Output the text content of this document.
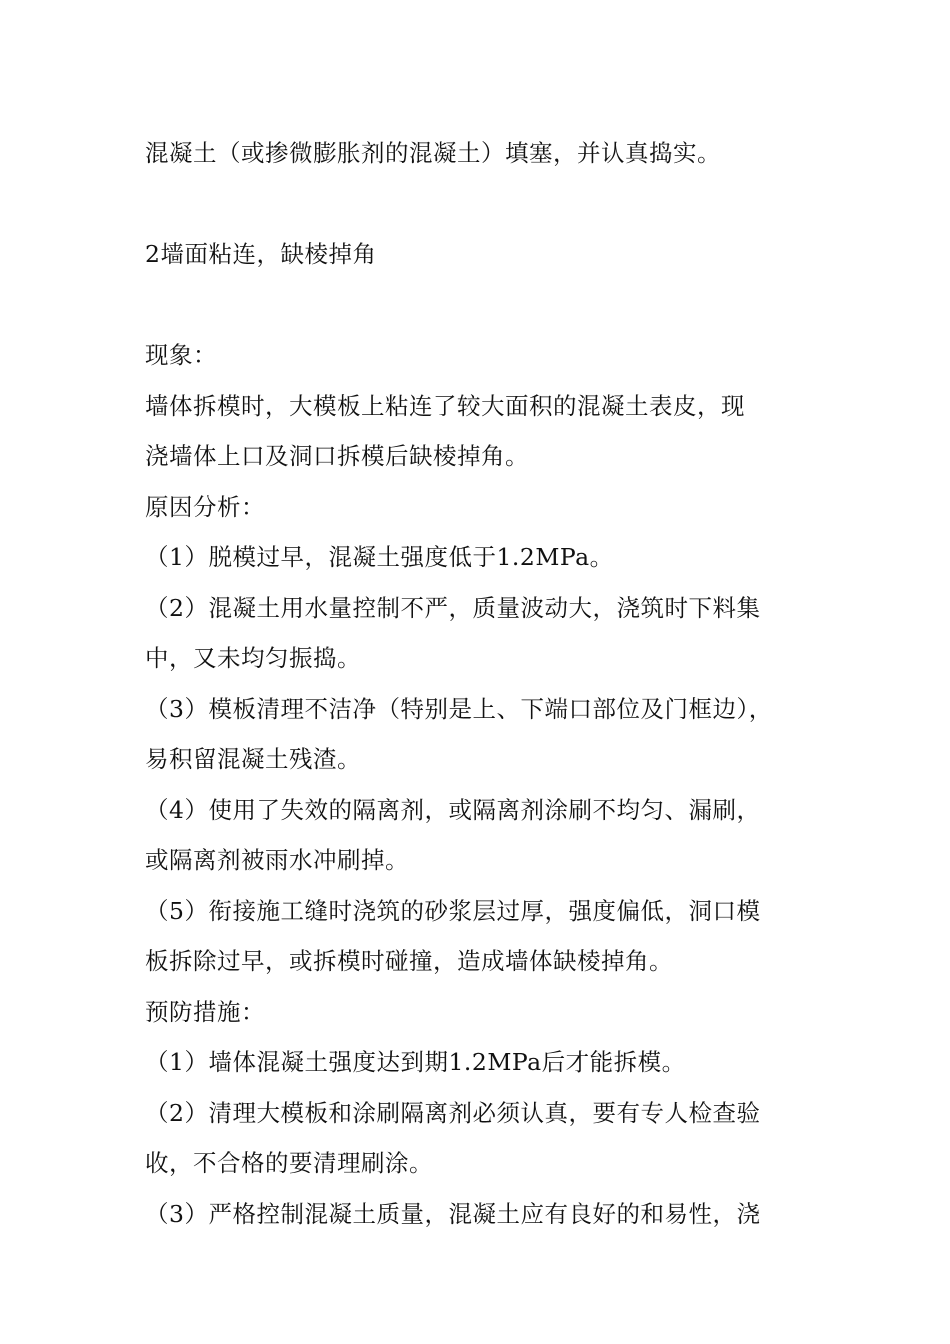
混凝土（或掺微膨胀剂的混凝土）填塞，并认真捣实。
2墙面粘连，缺棱掉角
现象：
墙体拆模时，大模板上粘连了较大面积的混凝土表皮，现
浇墙体上口及洞口拆模后缺棱掉角。
原因分析：
（1）脱模过早，混凝土强度低于1.2MPa。
（2）混凝土用水量控制不严，质量波动大，浇筑时下料集
中，又未均匀振捣。
（3）模板清理不洁净（特别是上、下端口部位及门框边），
易积留混凝土残渣。
（4）使用了失效的隔离剂，或隔离剂涂刷不均匀、漏刷，
或隔离剂被雨水冲刷掉。
（5）衔接施工缝时浇筑的砂浆层过厚，强度偏低，洞口模
板拆除过早，或拆模时碰撞，造成墙体缺棱掉角。
预防措施：
（1）墙体混凝土强度达到期1.2MPa后才能拆模。
（2）清理大模板和涂刷隔离剂必须认真，要有专人检查验
收，不合格的要清理刷涂。
（3）严格控制混凝土质量，混凝土应有良好的和易性，浇
